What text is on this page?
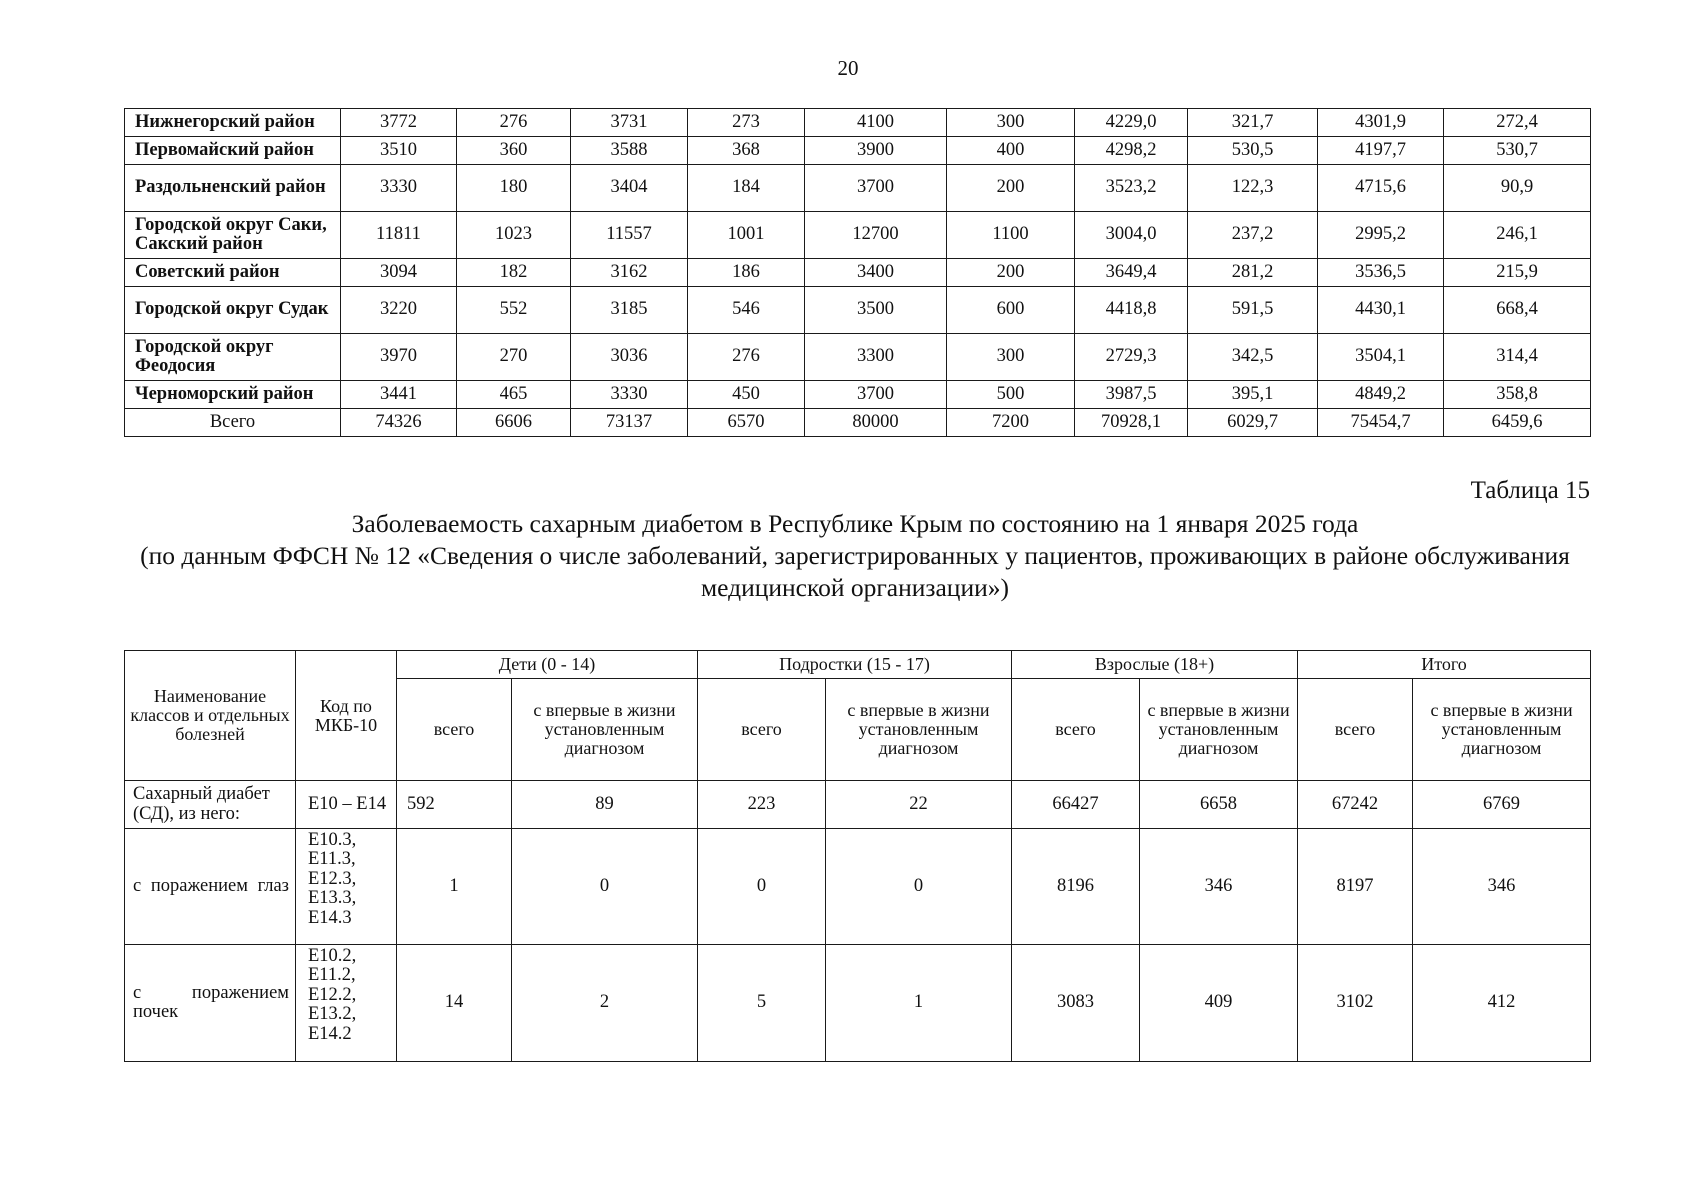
20
Нижнегорский район	3772	276	3731	273	4100	300	4229,0	321,7	4301,9	272,4
Первомайский район	3510	360	3588	368	3900	400	4298,2	530,5	4197,7	530,7
Раздольненский район	3330	180	3404	184	3700	200	3523,2	122,3	4715,6	90,9
Городской округ Саки, Сакский район	11811	1023	11557	1001	12700	1100	3004,0	237,2	2995,2	246,1
Советский район	3094	182	3162	186	3400	200	3649,4	281,2	3536,5	215,9
Городской округ Судак	3220	552	3185	546	3500	600	4418,8	591,5	4430,1	668,4
Городской округ Феодосия	3970	270	3036	276	3300	300	2729,3	342,5	3504,1	314,4
Черноморский район	3441	465	3330	450	3700	500	3987,5	395,1	4849,2	358,8
Всего	74326	6606	73137	6570	80000	7200	70928,1	6029,7	75454,7	6459,6
Таблица 15
Заболеваемость сахарным диабетом в Республике Крым по состоянию на 1 января 2025 года
(по данным ФФСН № 12 «Сведения о числе заболеваний, зарегистрированных у пациентов, проживающих в районе обслуживания медицинской организации»)
Наименование классов и отдельных болезней	Код по МКБ-10	Дети (0 - 14)		Подростки (15 - 17)		Взрослые (18+)		Итого	
		всего	с впервые в жизни установленным диагнозом	всего	с впервые в жизни установленным диагнозом	всего	с впервые в жизни установленным диагнозом	всего	с впервые в жизни установленным диагнозом
Сахарный диабет (СД), из него:	E10 – E14	592	89	223	22	66427	6658	67242	6769
с поражением глаз	E10.3, E11.3, E12.3, E13.3, E14.3	1	0	0	0	8196	346	8197	346
с поражением почек	E10.2, E11.2, E12.2, E13.2, E14.2	14	2	5	1	3083	409	3102	412
